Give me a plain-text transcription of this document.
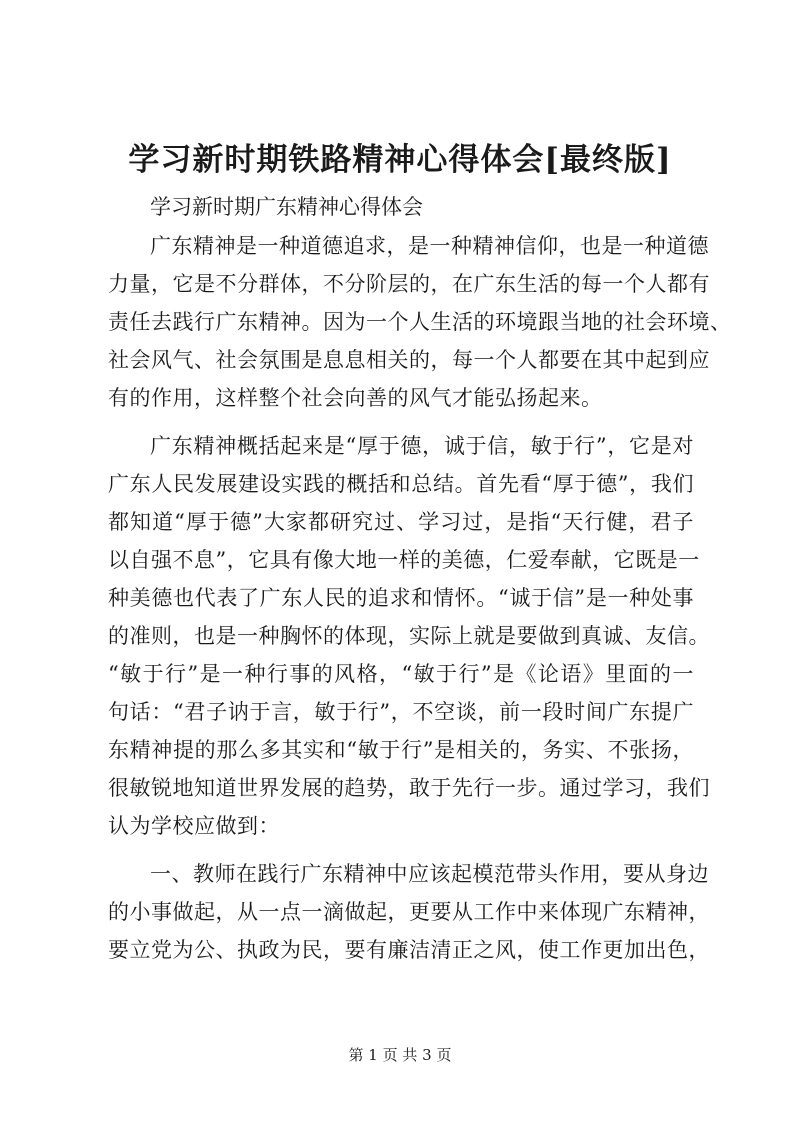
学习新时期铁路精神心得体会[最终版]
学习新时期广东精神心得体会
广东精神是一种道德追求，是一种精神信仰，也是一种道德
力量，它是不分群体，不分阶层的，在广东生活的每一个人都有
责任去践行广东精神。因为一个人生活的环境跟当地的社会环境、
社会风气、社会氛围是息息相关的，每一个人都要在其中起到应
有的作用，这样整个社会向善的风气才能弘扬起来。
广东精神概括起来是“厚于德，诚于信，敏于行”，它是对
广东人民发展建设实践的概括和总结。首先看“厚于德”，我们
都知道“厚于德”大家都研究过、学习过，是指“天行健，君子
以自强不息”，它具有像大地一样的美德，仁爱奉献，它既是一
种美德也代表了广东人民的追求和情怀。“诚于信”是一种处事
的准则，也是一种胸怀的体现，实际上就是要做到真诚、友信。
“敏于行”是一种行事的风格，“敏于行”是《论语》里面的一
句话：“君子讷于言，敏于行”，不空谈，前一段时间广东提广
东精神提的那么多其实和“敏于行”是相关的，务实、不张扬，
很敏锐地知道世界发展的趋势，敢于先行一步。通过学习，我们
认为学校应做到：
一、教师在践行广东精神中应该起模范带头作用，要从身边
的小事做起，从一点一滴做起，更要从工作中来体现广东精神，
要立党为公、执政为民，要有廉洁清正之风，使工作更加出色，
第 1 页 共 3 页
